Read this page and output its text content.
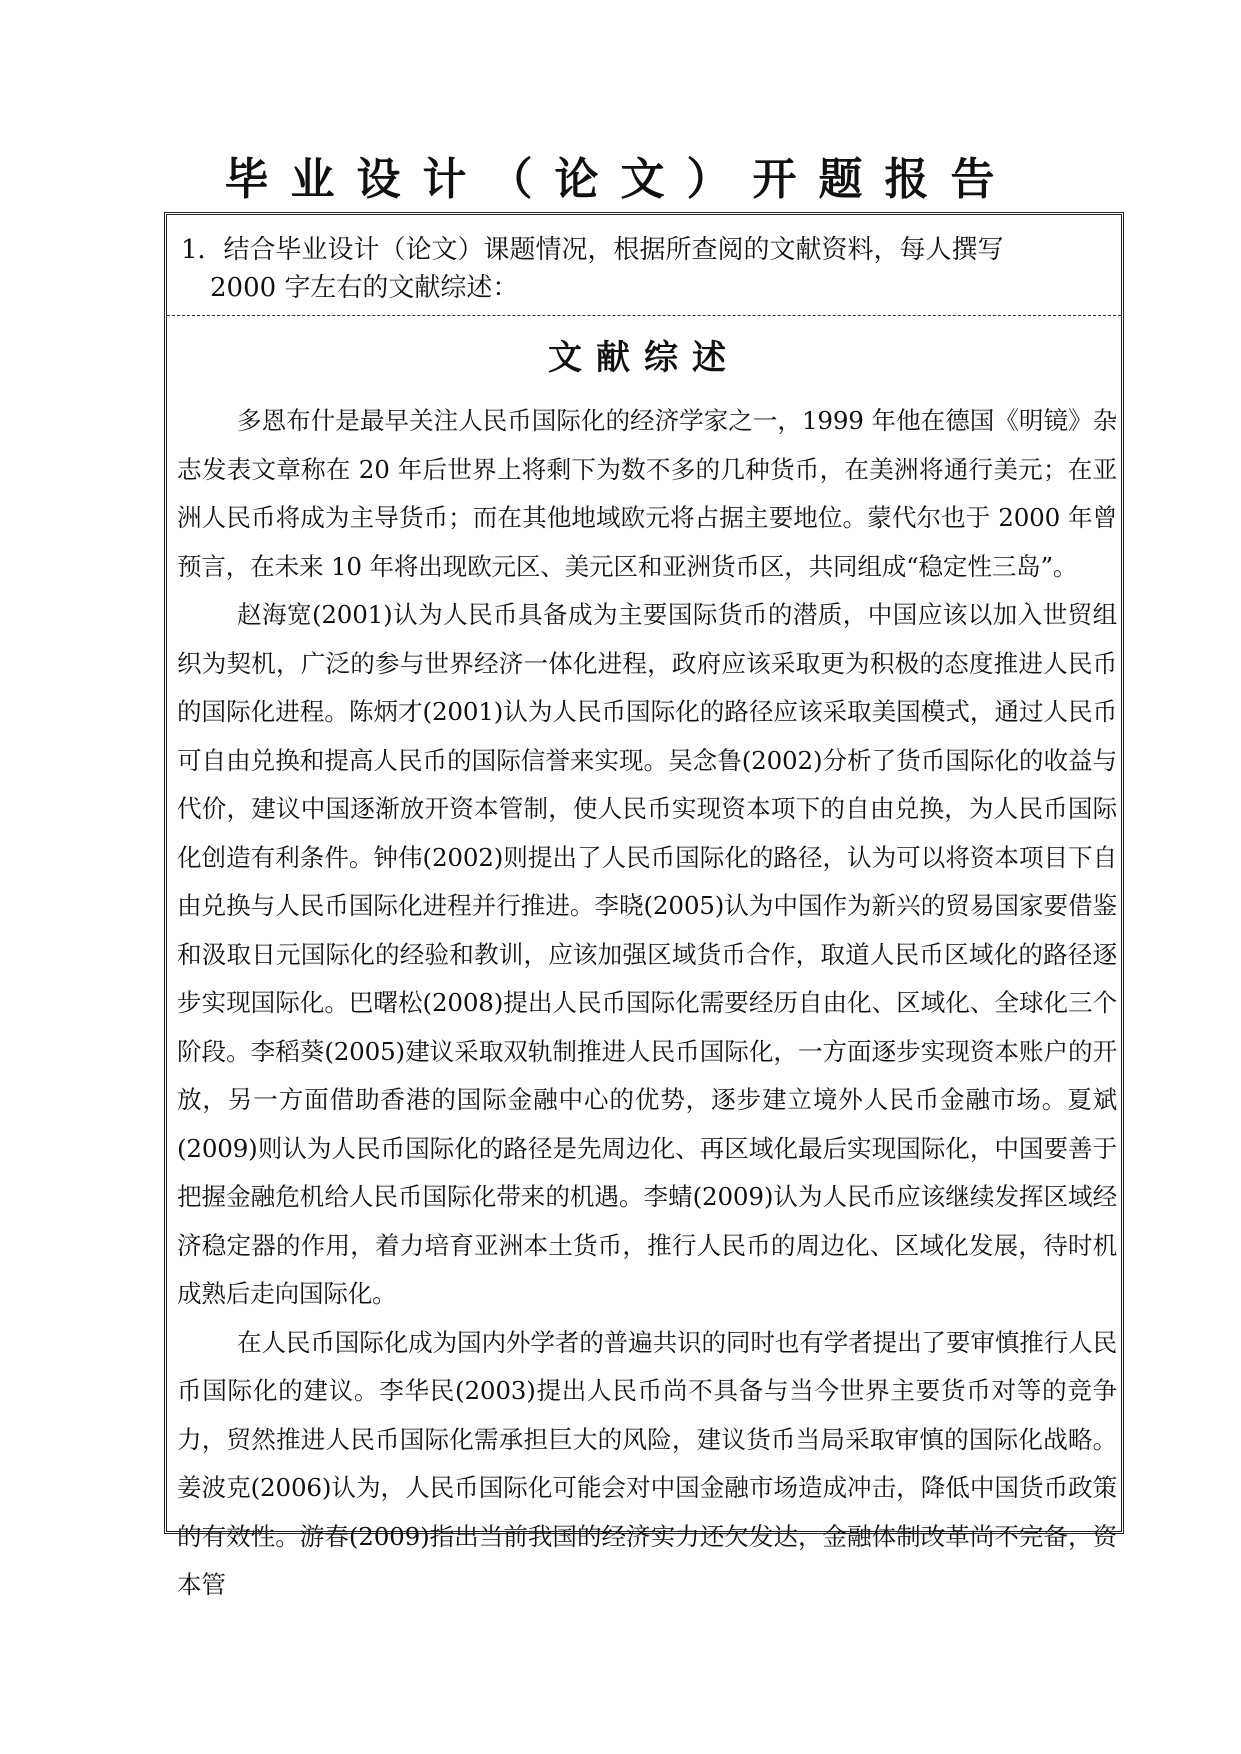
毕业设计（论文）开题报告
1．结合毕业设计（论文）课题情况，根据所查阅的文献资料，每人撰写
2000 字左右的文献综述：
文献综述

多恩布什是最早关注人民币国际化的经济学家之一，1999 年他在德国《明镜》杂志发表文章称在 20 年后世界上将剩下为数不多的几种货币，在美洲将通行美元；在亚洲人民币将成为主导货币；而在其他地域欧元将占据主要地位。蒙代尔也于 2000 年曾预言，在未来 10 年将出现欧元区、美元区和亚洲货币区，共同组成“稳定性三岛”。

赵海宽(2001)认为人民币具备成为主要国际货币的潜质，中国应该以加入世贸组织为契机，广泛的参与世界经济一体化进程，政府应该采取更为积极的态度推进人民币的国际化进程。陈炳才(2001)认为人民币国际化的路径应该采取美国模式，通过人民币可自由兑换和提高人民币的国际信誉来实现。吴念鲁(2002)分析了货币国际化的收益与代价，建议中国逐渐放开资本管制，使人民币实现资本项下的自由兑换，为人民币国际化创造有利条件。钟伟(2002)则提出了人民币国际化的路径，认为可以将资本项目下自由兑换与人民币国际化进程并行推进。李晓(2005)认为中国作为新兴的贸易国家要借鉴和汲取日元国际化的经验和教训，应该加强区域货币合作，取道人民币区域化的路径逐步实现国际化。巴曙松(2008)提出人民币国际化需要经历自由化、区域化、全球化三个阶段。李稻葵(2005)建议采取双轨制推进人民币国际化，一方面逐步实现资本账户的开放，另一方面借助香港的国际金融中心的优势，逐步建立境外人民币金融市场。夏斌(2009)则认为人民币国际化的路径是先周边化、再区域化最后实现国际化，中国要善于把握金融危机给人民币国际化带来的机遇。李蜻(2009)认为人民币应该继续发挥区域经济稳定器的作用，着力培育亚洲本土货币，推行人民币的周边化、区域化发展，待时机成熟后走向国际化。

在人民币国际化成为国内外学者的普遍共识的同时也有学者提出了要审慎推行人民币国际化的建议。李华民(2003)提出人民币尚不具备与当今世界主要货币对等的竞争力，贸然推进人民币国际化需承担巨大的风险，建议货币当局采取审慎的国际化战略。姜波克(2006)认为，人民币国际化可能会对中国金融市场造成冲击，降低中国货币政策的有效性。游春(2009)指出当前我国的经济实力还欠发达，金融体制改革尚不完备，资本管
